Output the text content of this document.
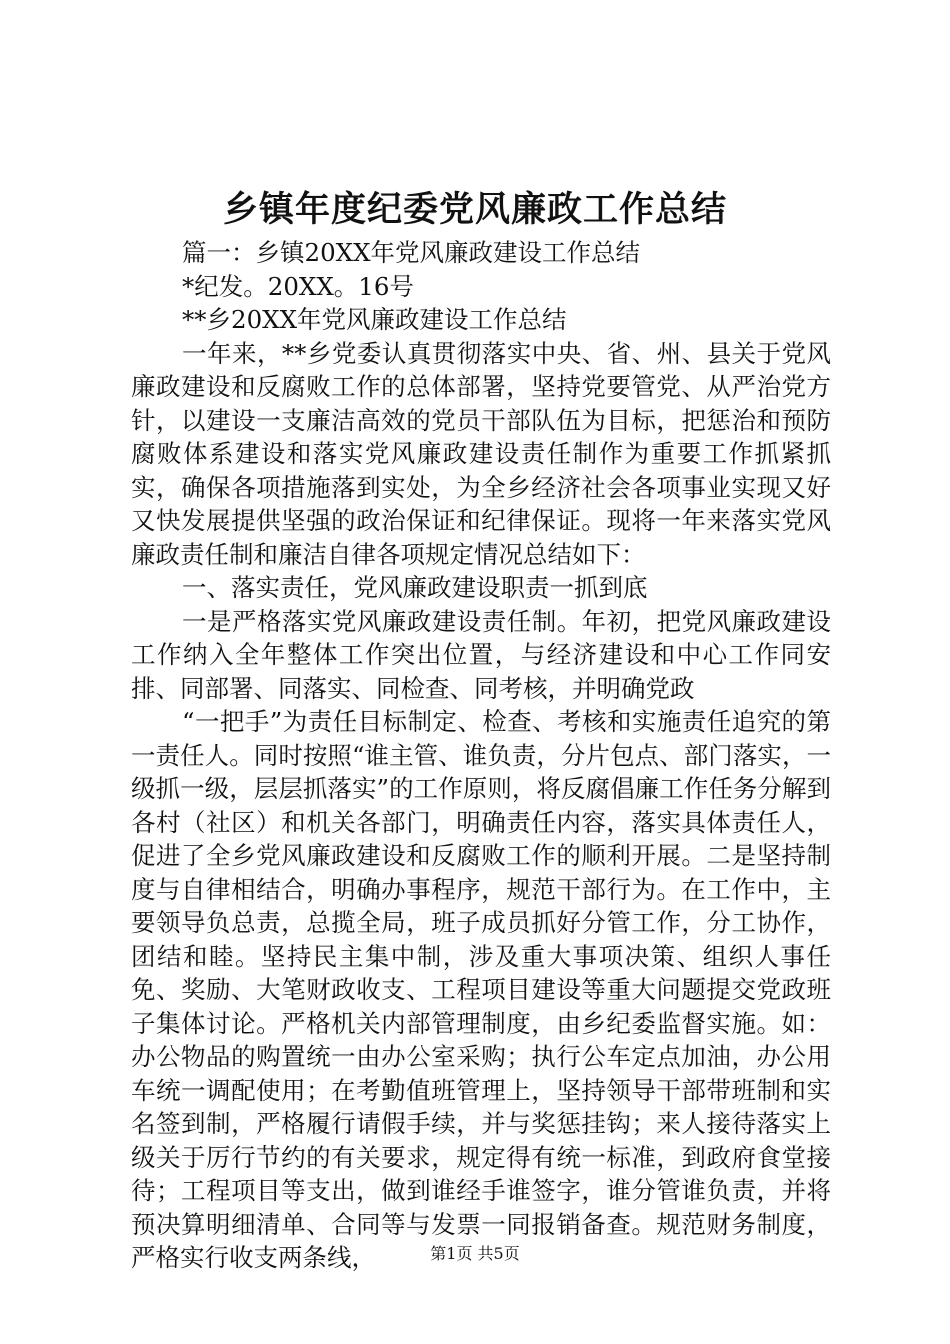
乡镇年度纪委党风廉政工作总结

篇一：乡镇20XX年党风廉政建设工作总结

*纪发。20XX。16号

**乡20XX年党风廉政建设工作总结

一年来，**乡党委认真贯彻落实中央、省、州、县关于党风廉政建设和反腐败工作的总体部署，坚持党要管党、从严治党方针，以建设一支廉洁高效的党员干部队伍为目标，把惩治和预防腐败体系建设和落实党风廉政建设责任制作为重要工作抓紧抓实，确保各项措施落到实处，为全乡经济社会各项事业实现又好又快发展提供坚强的政治保证和纪律保证。现将一年来落实党风廉政责任制和廉洁自律各项规定情况总结如下：

一、落实责任，党风廉政建设职责一抓到底

一是严格落实党风廉政建设责任制。年初，把党风廉政建设工作纳入全年整体工作突出位置，与经济建设和中心工作同安排、同部署、同落实、同检查、同考核，并明确党政

“一把手”为责任目标制定、检查、考核和实施责任追究的第一责任人。同时按照“谁主管、谁负责，分片包点、部门落实，一级抓一级，层层抓落实”的工作原则，将反腐倡廉工作任务分解到各村（社区）和机关各部门，明确责任内容，落实具体责任人，促进了全乡党风廉政建设和反腐败工作的顺利开展。二是坚持制度与自律相结合，明确办事程序，规范干部行为。在工作中，主要领导负总责，总揽全局，班子成员抓好分管工作，分工协作，团结和睦。坚持民主集中制，涉及重大事项决策、组织人事任免、奖励、大笔财政收支、工程项目建设等重大问题提交党政班子集体讨论。严格机关内部管理制度，由乡纪委监督实施。如：办公物品的购置统一由办公室采购；执行公车定点加油，办公用车统一调配使用；在考勤值班管理上，坚持领导干部带班制和实名签到制，严格履行请假手续，并与奖惩挂钩；来人接待落实上级关于厉行节约的有关要求，规定得有统一标准，到政府食堂接待；工程项目等支出，做到谁经手谁签字，谁分管谁负责，并将预决算明细清单、合同等与发票一同报销备查。规范财务制度，严格实行收支两条线，	第1页 共5页
